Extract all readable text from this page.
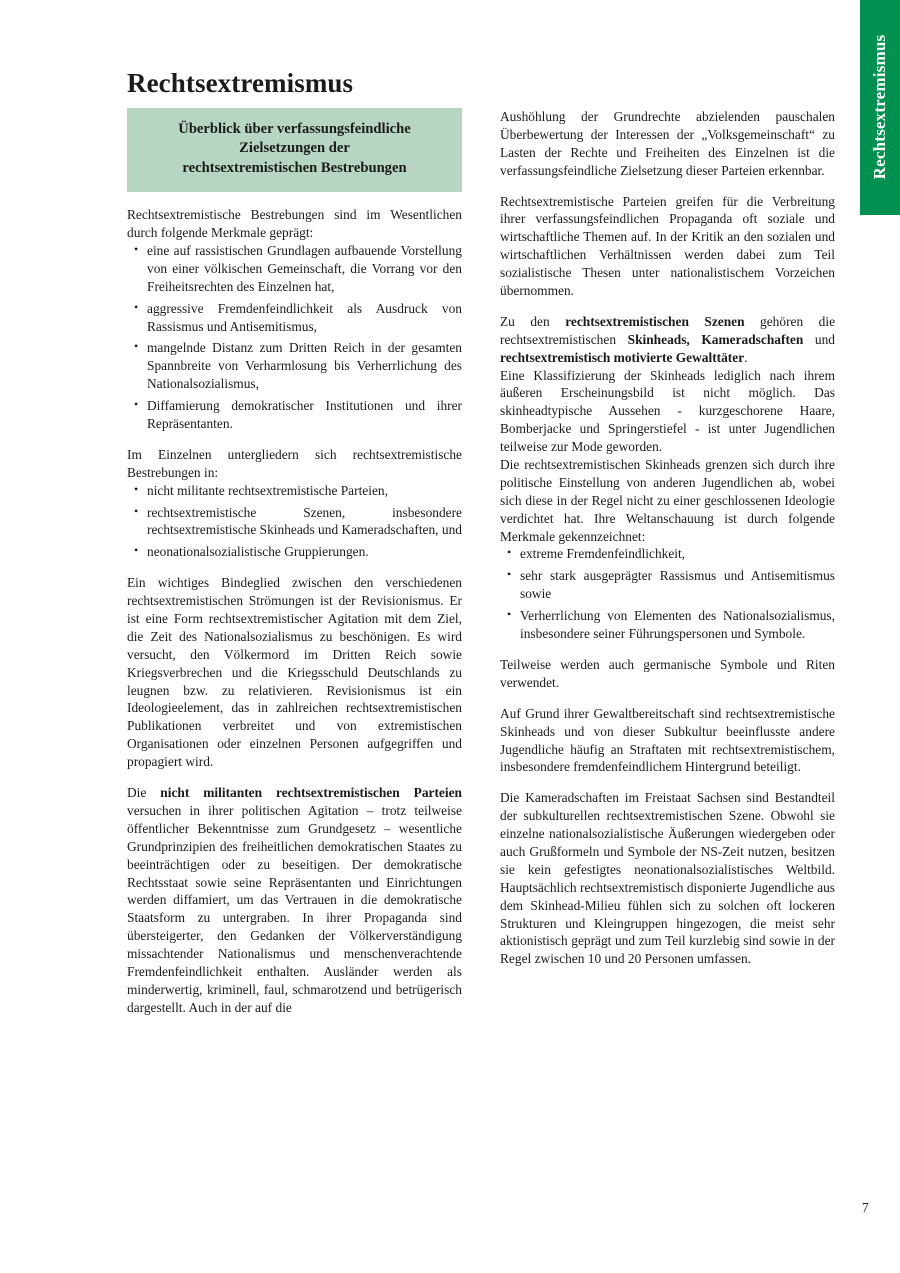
Rechtsextremismus
Rechtsextremismus
Überblick über verfassungsfeindliche
Zielsetzungen der
rechtsextremistischen Bestrebungen

Rechtsextremistische Bestrebungen sind im Wesentlichen durch folgende Merkmale geprägt:

• eine auf rassistischen Grundlagen aufbauende Vorstellung von einer völkischen Gemeinschaft, die Vorrang vor den Freiheitsrechten des Einzelnen hat,
• aggressive Fremdenfeindlichkeit als Ausdruck von Rassismus und Antisemitismus,
• mangelnde Distanz zum Dritten Reich in der gesamten Spannbreite von Verharmlosung bis Verherrlichung des Nationalsozialismus,
• Diffamierung demokratischer Institutionen und ihrer Repräsentanten.

Im Einzelnen untergliedern sich rechtsextremistische Bestrebungen in:

• nicht militante rechtsextremistische Parteien,
• rechtsextremistische Szenen, insbesondere rechtsextremistische Skinheads und Kameradschaften, und
• neonationalsozialistische Gruppierungen.

Ein wichtiges Bindeglied zwischen den verschiedenen rechtsextremistischen Strömungen ist der Revisionismus. Er ist eine Form rechtsextremistischer Agitation mit dem Ziel, die Zeit des Nationalsozialismus zu beschönigen. Es wird versucht, den Völkermord im Dritten Reich sowie Kriegsverbrechen und die Kriegsschuld Deutschlands zu leugnen bzw. zu relativieren. Revisionismus ist ein Ideologieelement, das in zahlreichen rechtsextremistischen Publikationen verbreitet und von extremistischen Organisationen oder einzelnen Personen aufgegriffen und propagiert wird.

Die nicht militanten rechtsextremistischen Parteien versuchen in ihrer politischen Agitation – trotz teilweise öffentlicher Bekenntnisse zum Grundgesetz – wesentliche Grundprinzipien des freiheitlichen demokratischen Staates zu beeinträchtigen oder zu beseitigen. Der demokratische Rechtsstaat sowie seine Repräsentanten und Einrichtungen werden diffamiert, um das Vertrauen in die demokratische Staatsform zu untergraben. In ihrer Propaganda sind übersteigerter, den Gedanken der Völkerverständigung missachtender Nationalismus und menschenverachtende Fremdenfeindlichkeit enthalten. Ausländer werden als minderwertig, kriminell, faul, schmarotzend und betrügerisch dargestellt. Auch in der auf die

Aushöhlung der Grundrechte abzielenden pauschalen Überbewertung der Interessen der „Volksgemeinschaft“ zu Lasten der Rechte und Freiheiten des Einzelnen ist die verfassungsfeindliche Zielsetzung dieser Parteien erkennbar.

Rechtsextremistische Parteien greifen für die Verbreitung ihrer verfassungsfeindlichen Propaganda oft soziale und wirtschaftliche Themen auf. In der Kritik an den sozialen und wirtschaftlichen Verhältnissen werden dabei zum Teil sozialistische Thesen unter nationalistischem Vorzeichen übernommen.

Zu den rechtsextremistischen Szenen gehören die rechtsextremistischen Skinheads, Kameradschaften und rechtsextremistisch motivierte Gewalttäter.

Eine Klassifizierung der Skinheads lediglich nach ihrem äußeren Erscheinungsbild ist nicht möglich. Das skinheadtypische Aussehen - kurzgeschorene Haare, Bomberjacke und Springerstiefel - ist unter Jugendlichen teilweise zur Mode geworden.

Die rechtsextremistischen Skinheads grenzen sich durch ihre politische Einstellung von anderen Jugendlichen ab, wobei sich diese in der Regel nicht zu einer geschlossenen Ideologie verdichtet hat. Ihre Weltanschauung ist durch folgende Merkmale gekennzeichnet:

• extreme Fremdenfeindlichkeit,
• sehr stark ausgeprägter Rassismus und Antisemitismus sowie
• Verherrlichung von Elementen des Nationalsozialismus, insbesondere seiner Führungspersonen und Symbole.

Teilweise werden auch germanische Symbole und Riten verwendet.

Auf Grund ihrer Gewaltbereitschaft sind rechtsextremistische Skinheads und von dieser Subkultur beeinflusste andere Jugendliche häufig an Straftaten mit rechtsextremistischem, insbesondere fremdenfeindlichem Hintergrund beteiligt.

Die Kameradschaften im Freistaat Sachsen sind Bestandteil der subkulturellen rechtsextremistischen Szene. Obwohl sie einzelne nationalsozialistische Äußerungen wiedergeben oder auch Grußformeln und Symbole der NS-Zeit nutzen, besitzen sie kein gefestigtes neonationalsozialistisches Weltbild. Hauptsächlich rechtsextremistisch disponierte Jugendliche aus dem Skinhead-Milieu fühlen sich zu solchen oft lockeren Strukturen und Kleingruppen hingezogen, die meist sehr aktionistisch geprägt und zum Teil kurzlebig sind sowie in der Regel zwischen 10 und 20 Personen umfassen.

7
